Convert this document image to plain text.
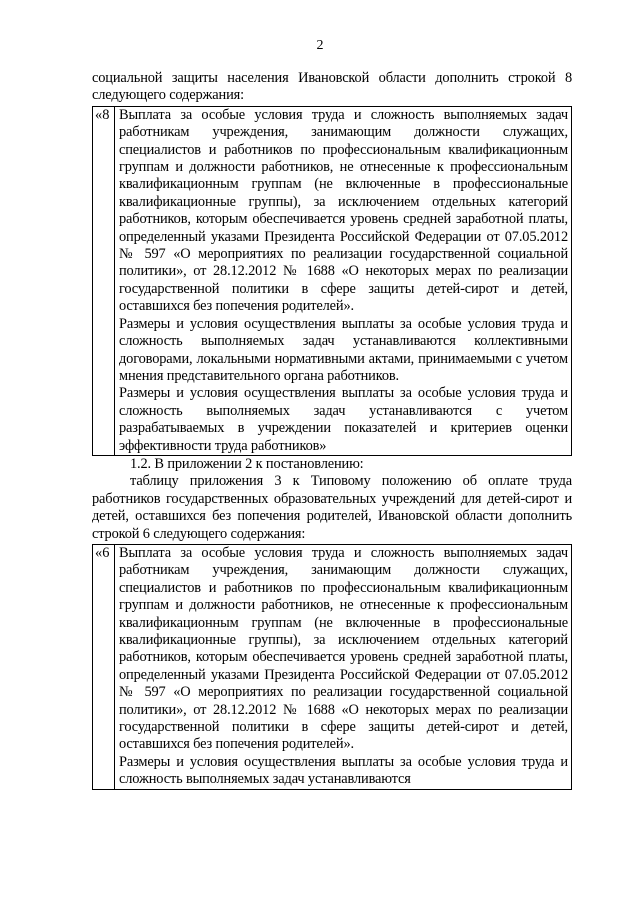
2

социальной защиты населения Ивановской области дополнить строкой 8 следующего содержания:

«8	Выплата за особые условия труда и сложность выполняемых задач работникам учреждения, занимающим должности служащих, специалистов и работников по профессиональным квалификационным группам и должности работников, не отнесенные к профессиональным квалификационным группам (не включенные в профессиональные квалификационные группы), за исключением отдельных категорий работников, которым обеспечивается уровень средней заработной платы, определенный указами Президента Российской Федерации от 07.05.2012 № 597 «О мероприятиях по реализации государственной социальной политики», от 28.12.2012 № 1688 «О некоторых мерах по реализации государственной политики в сфере защиты детей-сирот и детей, оставшихся без попечения родителей».

Размеры и условия осуществления выплаты за особые условия труда и сложность выполняемых задач устанавливаются коллективными договорами, локальными нормативными актами, принимаемыми с учетом мнения представительного органа работников.

Размеры и условия осуществления выплаты за особые условия труда и сложность выполняемых задач устанавливаются с учетом разрабатываемых в учреждении показателей и критериев оценки эффективности труда работников»

1.2. В приложении 2 к постановлению:

таблицу приложения 3 к Типовому положению об оплате труда работников государственных образовательных учреждений для детей-сирот и детей, оставшихся без попечения родителей, Ивановской области дополнить строкой 6 следующего содержания:

«6	Выплата за особые условия труда и сложность выполняемых задач работникам учреждения, занимающим должности служащих, специалистов и работников по профессиональным квалификационным группам и должности работников, не отнесенные к профессиональным квалификационным группам (не включенные в профессиональные квалификационные группы), за исключением отдельных категорий работников, которым обеспечивается уровень средней заработной платы, определенный указами Президента Российской Федерации от 07.05.2012 № 597 «О мероприятиях по реализации государственной социальной политики», от 28.12.2012 № 1688 «О некоторых мерах по реализации государственной политики в сфере защиты детей-сирот и детей, оставшихся без попечения родителей».

Размеры и условия осуществления выплаты за особые условия труда и сложность выполняемых задач устанавливаются
